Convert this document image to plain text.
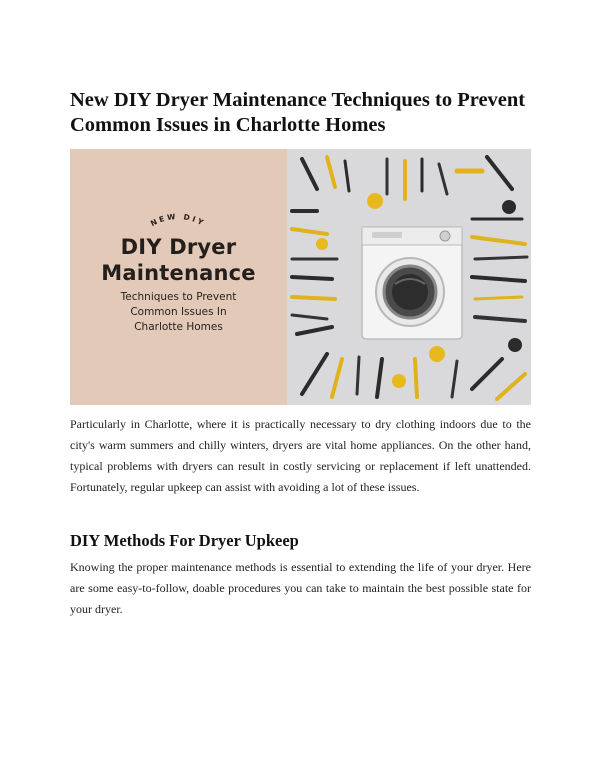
New DIY Dryer Maintenance Techniques to Prevent Common Issues in Charlotte Homes
NEW DIY
DIY Dryer
Maintenance
Techniques to Prevent
Common Issues In
Charlotte Homes

Particularly in Charlotte, where it is practically necessary to dry clothing indoors due to the city's warm summers and chilly winters, dryers are vital home appliances. On the other hand, typical problems with dryers can result in costly servicing or replacement if left unattended. Fortunately, regular upkeep can assist with avoiding a lot of these issues.

DIY Methods For Dryer Upkeep

Knowing the proper maintenance methods is essential to extending the life of your dryer. Here are some easy-to-follow, doable procedures you can take to maintain the best possible state for your dryer.
